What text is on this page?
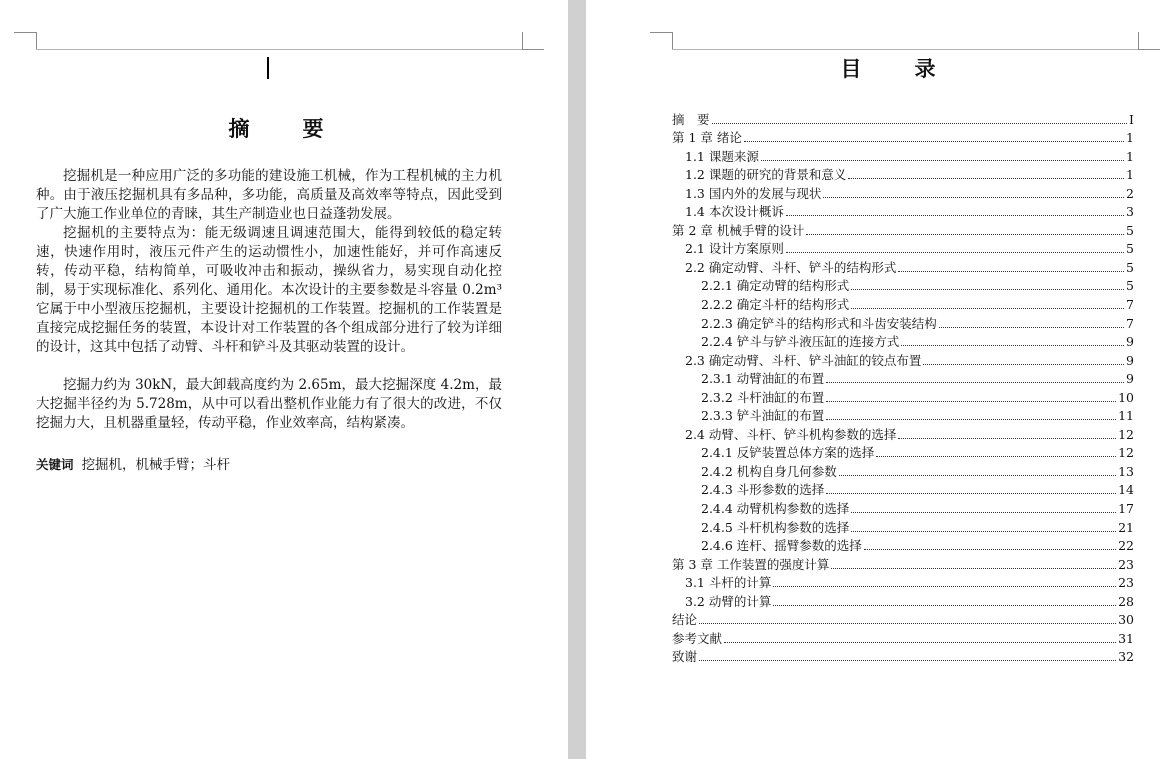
摘　要

挖掘机是一种应用广泛的多功能的建设施工机械，作为工程机械的主力机种。由于液压挖掘机具有多品种，多功能，高质量及高效率等特点，因此受到了广大施工作业单位的青睐，其生产制造业也日益蓬勃发展。

挖掘机的主要特点为：能无级调速且调速范围大，能得到较低的稳定转速，快速作用时，液压元件产生的运动惯性小，加速性能好，并可作高速反转，传动平稳，结构简单，可吸收冲击和振动，操纵省力，易实现自动化控制，易于实现标准化、系列化、通用化。本次设计的主要参数是斗容量 0.2m³它属于中小型液压挖掘机，主要设计挖掘机的工作装置。挖掘机的工作装置是直接完成挖掘任务的装置，本设计对工作装置的各个组成部分进行了较为详细的设计，这其中包括了动臂、斗杆和铲斗及其驱动装置的设计。

挖掘力约为 30kN，最大卸载高度约为 2.65m，最大挖掘深度 4.2m，最大挖掘半径约为 5.728m，从中可以看出整机作业能力有了很大的改进，不仅挖掘力大，且机器重量轻，传动平稳，作业效率高，结构紧凑。

关键词 挖掘机，机械手臂；斗杆
目　录
摘　要	I
第 1 章 绪论	1
1.1 课题来源	1
1.2 课题的研究的背景和意义	1
1.3 国内外的发展与现状	2
1.4 本次设计概诉	3
第 2 章 机械手臂的设计	5
2.1 设计方案原则	5
2.2 确定动臂、斗杆、铲斗的结构形式	5
2.2.1 确定动臂的结构形式	5
2.2.2 确定斗杆的结构形式	7
2.2.3 确定铲斗的结构形式和斗齿安装结构	7
2.2.4 铲斗与铲斗液压缸的连接方式	9
2.3 确定动臂、斗杆、铲斗油缸的铰点布置	9
2.3.1 动臂油缸的布置	9
2.3.2 斗杆油缸的布置	10
2.3.3 铲斗油缸的布置	11
2.4 动臂、斗杆、铲斗机构参数的选择	12
2.4.1 反铲装置总体方案的选择	12
2.4.2 机构自身几何参数	13
2.4.3 斗形参数的选择	14
2.4.4 动臂机构参数的选择	17
2.4.5 斗杆机构参数的选择	21
2.4.6 连杆、摇臂参数的选择	22
第 3 章 工作装置的强度计算	23
3.1 斗杆的计算	23
3.2 动臂的计算	28
结论	30
参考文献	31
致谢	32
